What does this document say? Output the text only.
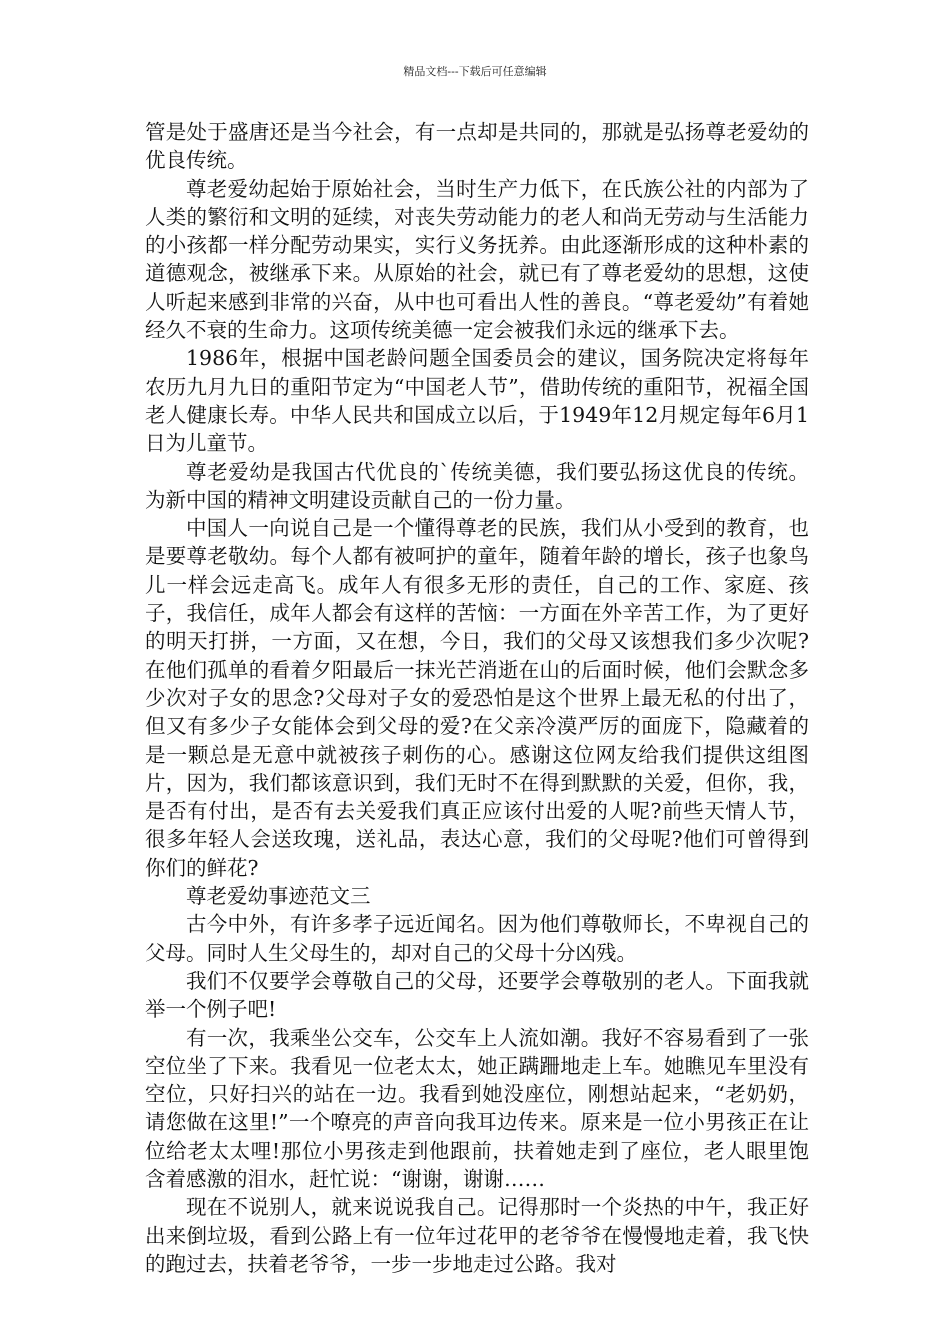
精品文档---下载后可任意编辑

管是处于盛唐还是当今社会，有一点却是共同的，那就是弘扬尊老爱幼的优良传统。

尊老爱幼起始于原始社会，当时生产力低下，在氏族公社的内部为了人类的繁衍和文明的延续，对丧失劳动能力的老人和尚无劳动与生活能力的小孩都一样分配劳动果实，实行义务抚养。由此逐渐形成的这种朴素的道德观念，被继承下来。从原始的社会，就已有了尊老爱幼的思想，这使人听起来感到非常的兴奋，从中也可看出人性的善良。“尊老爱幼”有着她经久不衰的生命力。这项传统美德一定会被我们永远的继承下去。

1986年，根据中国老龄问题全国委员会的建议，国务院决定将每年农历九月九日的重阳节定为“中国老人节”，借助传统的重阳节，祝福全国老人健康长寿。中华人民共和国成立以后，于1949年12月规定每年6月1日为儿童节。

尊老爱幼是我国古代优良的`传统美德，我们要弘扬这优良的传统。为新中国的精神文明建设贡献自己的一份力量。

中国人一向说自己是一个懂得尊老的民族，我们从小受到的教育，也是要尊老敬幼。每个人都有被呵护的童年，随着年龄的增长，孩子也象鸟儿一样会远走高飞。成年人有很多无形的责任，自己的工作、家庭、孩子，我信任，成年人都会有这样的苦恼：一方面在外辛苦工作，为了更好的明天打拼，一方面，又在想，今日，我们的父母又该想我们多少次呢?在他们孤单的看着夕阳最后一抹光芒消逝在山的后面时候，他们会默念多少次对子女的思念?父母对子女的爱恐怕是这个世界上最无私的付出了，但又有多少子女能体会到父母的爱?在父亲冷漠严厉的面庞下，隐藏着的是一颗总是无意中就被孩子刺伤的心。感谢这位网友给我们提供这组图片，因为，我们都该意识到，我们无时不在得到默默的关爱，但你，我，是否有付出，是否有去关爱我们真正应该付出爱的人呢?前些天情人节，很多年轻人会送玫瑰，送礼品，表达心意，我们的父母呢?他们可曾得到你们的鲜花?

尊老爱幼事迹范文三

古今中外，有许多孝子远近闻名。因为他们尊敬师长，不卑视自己的父母。同时人生父母生的，却对自己的父母十分凶残。

我们不仅要学会尊敬自己的父母，还要学会尊敬别的老人。下面我就举一个例子吧!

有一次，我乘坐公交车，公交车上人流如潮。我好不容易看到了一张空位坐了下来。我看见一位老太太，她正蹒跚地走上车。她瞧见车里没有空位，只好扫兴的站在一边。我看到她没座位，刚想站起来，“老奶奶，请您做在这里!”一个嘹亮的声音向我耳边传来。原来是一位小男孩正在让位给老太太哩!那位小男孩走到他跟前，扶着她走到了座位，老人眼里饱含着感激的泪水，赶忙说：“谢谢，谢谢……

现在不说别人，就来说说我自己。记得那时一个炎热的中午，我正好出来倒垃圾，看到公路上有一位年过花甲的老爷爷在慢慢地走着，我飞快的跑过去，扶着老爷爷，一步一步地走过公路。我对
